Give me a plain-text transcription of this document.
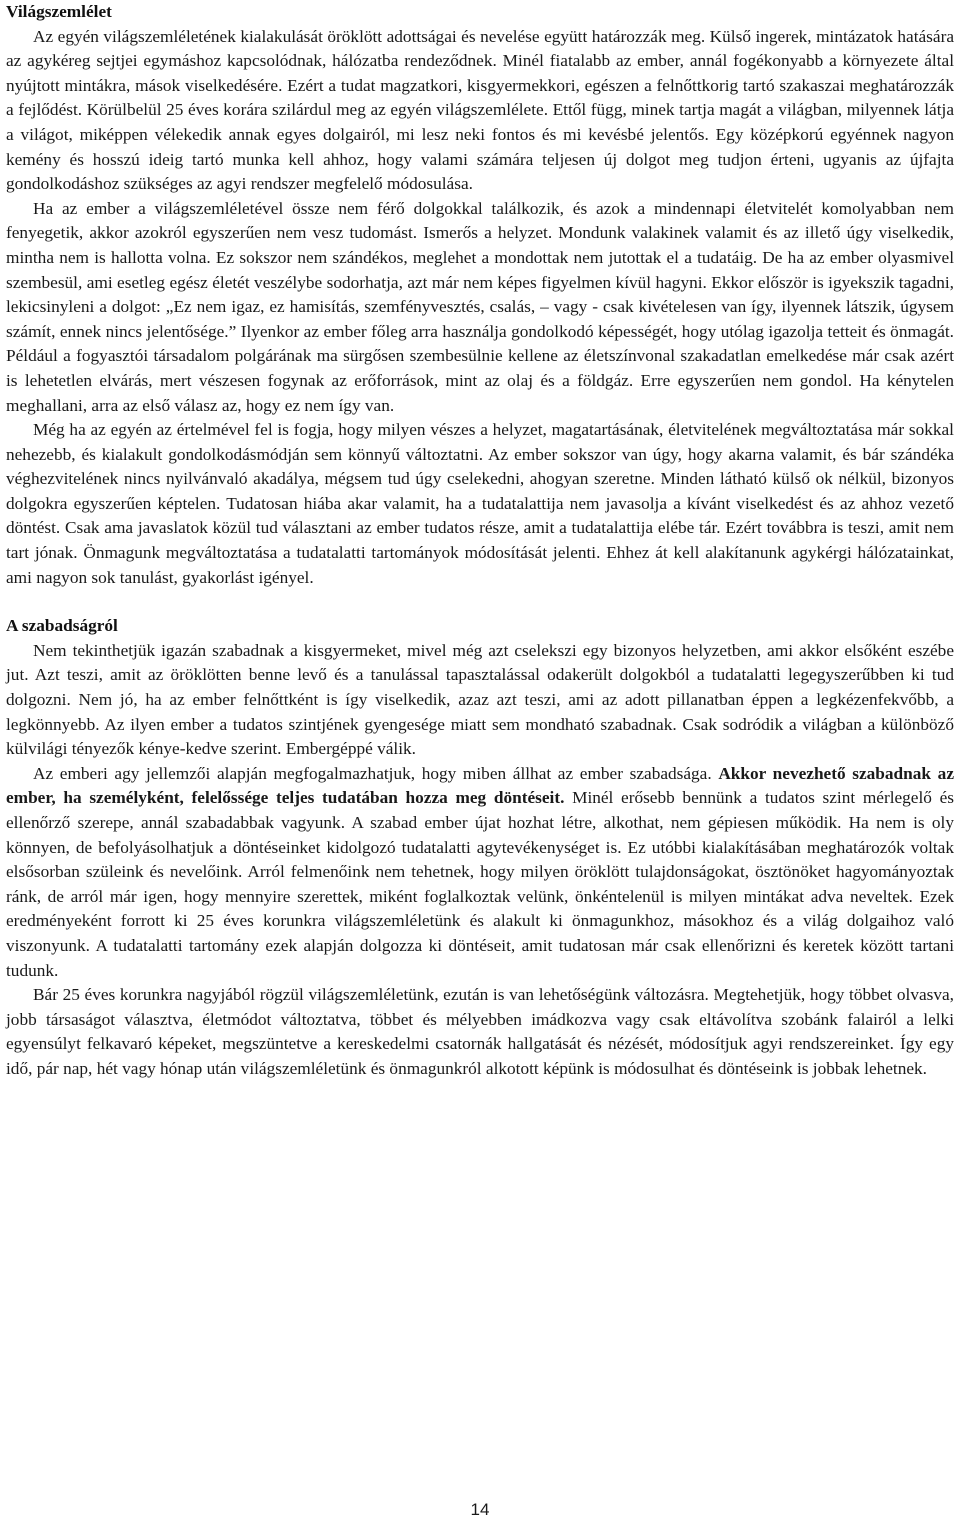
Világszemlélet

Az egyén világszemléletének kialakulását öröklött adottságai és nevelése együtt határozzák meg. Külső ingerek, mintázatok hatására az agykéreg sejtjei egymáshoz kapcsolódnak, hálózatba rendeződnek. Minél fiatalabb az ember, annál fogékonyabb a környezete által nyújtott mintákra, mások viselkedésére. Ezért a tudat magzatkori, kisgyermekkori, egészen a felnőttkorig tartó szakaszai meghatározzák a fejlődést. Körülbelül 25 éves korára szilárdul meg az egyén világszemlélete. Ettől függ, minek tartja magát a világban, milyennek látja a világot, miképpen vélekedik annak egyes dolgairól, mi lesz neki fontos és mi kevésbé jelentős. Egy középkorú egyénnek nagyon kemény és hosszú ideig tartó munka kell ahhoz, hogy valami számára teljesen új dolgot meg tudjon érteni, ugyanis az újfajta gondolkodáshoz szükséges az agyi rendszer megfelelő módosulása.

Ha az ember a világszemléletével össze nem férő dolgokkal találkozik, és azok a mindennapi életvitelét komolyabban nem fenyegetik, akkor azokról egyszerűen nem vesz tudomást. Ismerős a helyzet. Mondunk valakinek valamit és az illető úgy viselkedik, mintha nem is hallotta volna. Ez sokszor nem szándékos, meglehet a mondottak nem jutottak el a tudatáig. De ha az ember olyasmivel szembesül, ami esetleg egész életét veszélybe sodorhatja, azt már nem képes figyelmen kívül hagyni. Ekkor először is igyekszik tagadni, lekicsinyleni a dolgot: „Ez nem igaz, ez hamisítás, szemfényvesztés, csalás, – vagy - csak kivételesen van így, ilyennek látszik, úgysem számít, ennek nincs jelentősége.” Ilyenkor az ember főleg arra használja gondolkodó képességét, hogy utólag igazolja tetteit és önmagát. Például a fogyasztói társadalom polgárának ma sürgősen szembesülnie kellene az életszínvonal szakadatlan emelkedése már csak azért is lehetetlen elvárás, mert vészesen fogynak az erőforrások, mint az olaj és a földgáz. Erre egyszerűen nem gondol. Ha kénytelen meghallani, arra az első válasz az, hogy ez nem így van.

Még ha az egyén az értelmével fel is fogja, hogy milyen vészes a helyzet, magatartásának, életvitelének megváltoztatása már sokkal nehezebb, és kialakult gondolkodásmódján sem könnyű változtatni. Az ember sokszor van úgy, hogy akarna valamit, és bár szándéka véghezvitelének nincs nyilvánvaló akadálya, mégsem tud úgy cselekedni, ahogyan szeretne. Minden látható külső ok nélkül, bizonyos dolgokra egyszerűen képtelen. Tudatosan hiába akar valamit, ha a tudatalattija nem javasolja a kívánt viselkedést és az ahhoz vezető döntést. Csak ama javaslatok közül tud választani az ember tudatos része, amit a tudatalattija elébe tár. Ezért továbbra is teszi, amit nem tart jónak. Önmagunk megváltoztatása a tudatalatti tartományok módosítását jelenti. Ehhez át kell alakítanunk agykérgi hálózatainkat, ami nagyon sok tanulást, gyakorlást igényel.

A szabadságról

Nem tekinthetjük igazán szabadnak a kisgyermeket, mivel még azt cselekszi egy bizonyos helyzetben, ami akkor elsőként eszébe jut. Azt teszi, amit az öröklötten benne levő és a tanulással tapasztalással odakerült dolgokból a tudatalatti legegyszerűbben ki tud dolgozni. Nem jó, ha az ember felnőttként is így viselkedik, azaz azt teszi, ami az adott pillanatban éppen a legkézenfekvőbb, a legkönnyebb. Az ilyen ember a tudatos szintjének gyengesége miatt sem mondható szabadnak. Csak sodródik a világban a különböző külvilági tényezők kénye-kedve szerint. Embergéppé válik.

Az emberi agy jellemzői alapján megfogalmazhatjuk, hogy miben állhat az ember szabadsága. Akkor nevezhető szabadnak az ember, ha személyként, felelőssége teljes tudatában hozza meg döntéseit. Minél erősebb bennünk a tudatos szint mérlegelő és ellenőrző szerepe, annál szabadabbak vagyunk. A szabad ember újat hozhat létre, alkothat, nem gépiesen működik. Ha nem is oly könnyen, de befolyásolhatjuk a döntéseinket kidolgozó tudatalatti agytevékenységet is. Ez utóbbi kialakításában meghatározók voltak elsősorban szüleink és nevelőink. Arról felmenőink nem tehetnek, hogy milyen öröklött tulajdonságokat, ösztönöket hagyományoztak ránk, de arról már igen, hogy mennyire szerettek, miként foglalkoztak velünk, önkéntelenül is milyen mintákat adva neveltek. Ezek eredményeként forrott ki 25 éves korunkra világszemléletünk és alakult ki önmagunkhoz, másokhoz és a világ dolgaihoz való viszonyunk. A tudatalatti tartomány ezek alapján dolgozza ki döntéseit, amit tudatosan már csak ellenőrizni és keretek között tartani tudunk.

Bár 25 éves korunkra nagyjából rögzül világszemléletünk, ezután is van lehetőségünk változásra. Megtehetjük, hogy többet olvasva, jobb társaságot választva, életmódot változtatva, többet és mélyebben imádkozva vagy csak eltávolítva szobánk falairól a lelki egyensúlyt felkavaró képeket, megszüntetve a kereskedelmi csatornák hallgatását és nézését, módosítjuk agyi rendszereinket. Így egy idő, pár nap, hét vagy hónap után világszemléletünk és önmagunkról alkotott képünk is módosulhat és döntéseink is jobbak lehetnek.

14
